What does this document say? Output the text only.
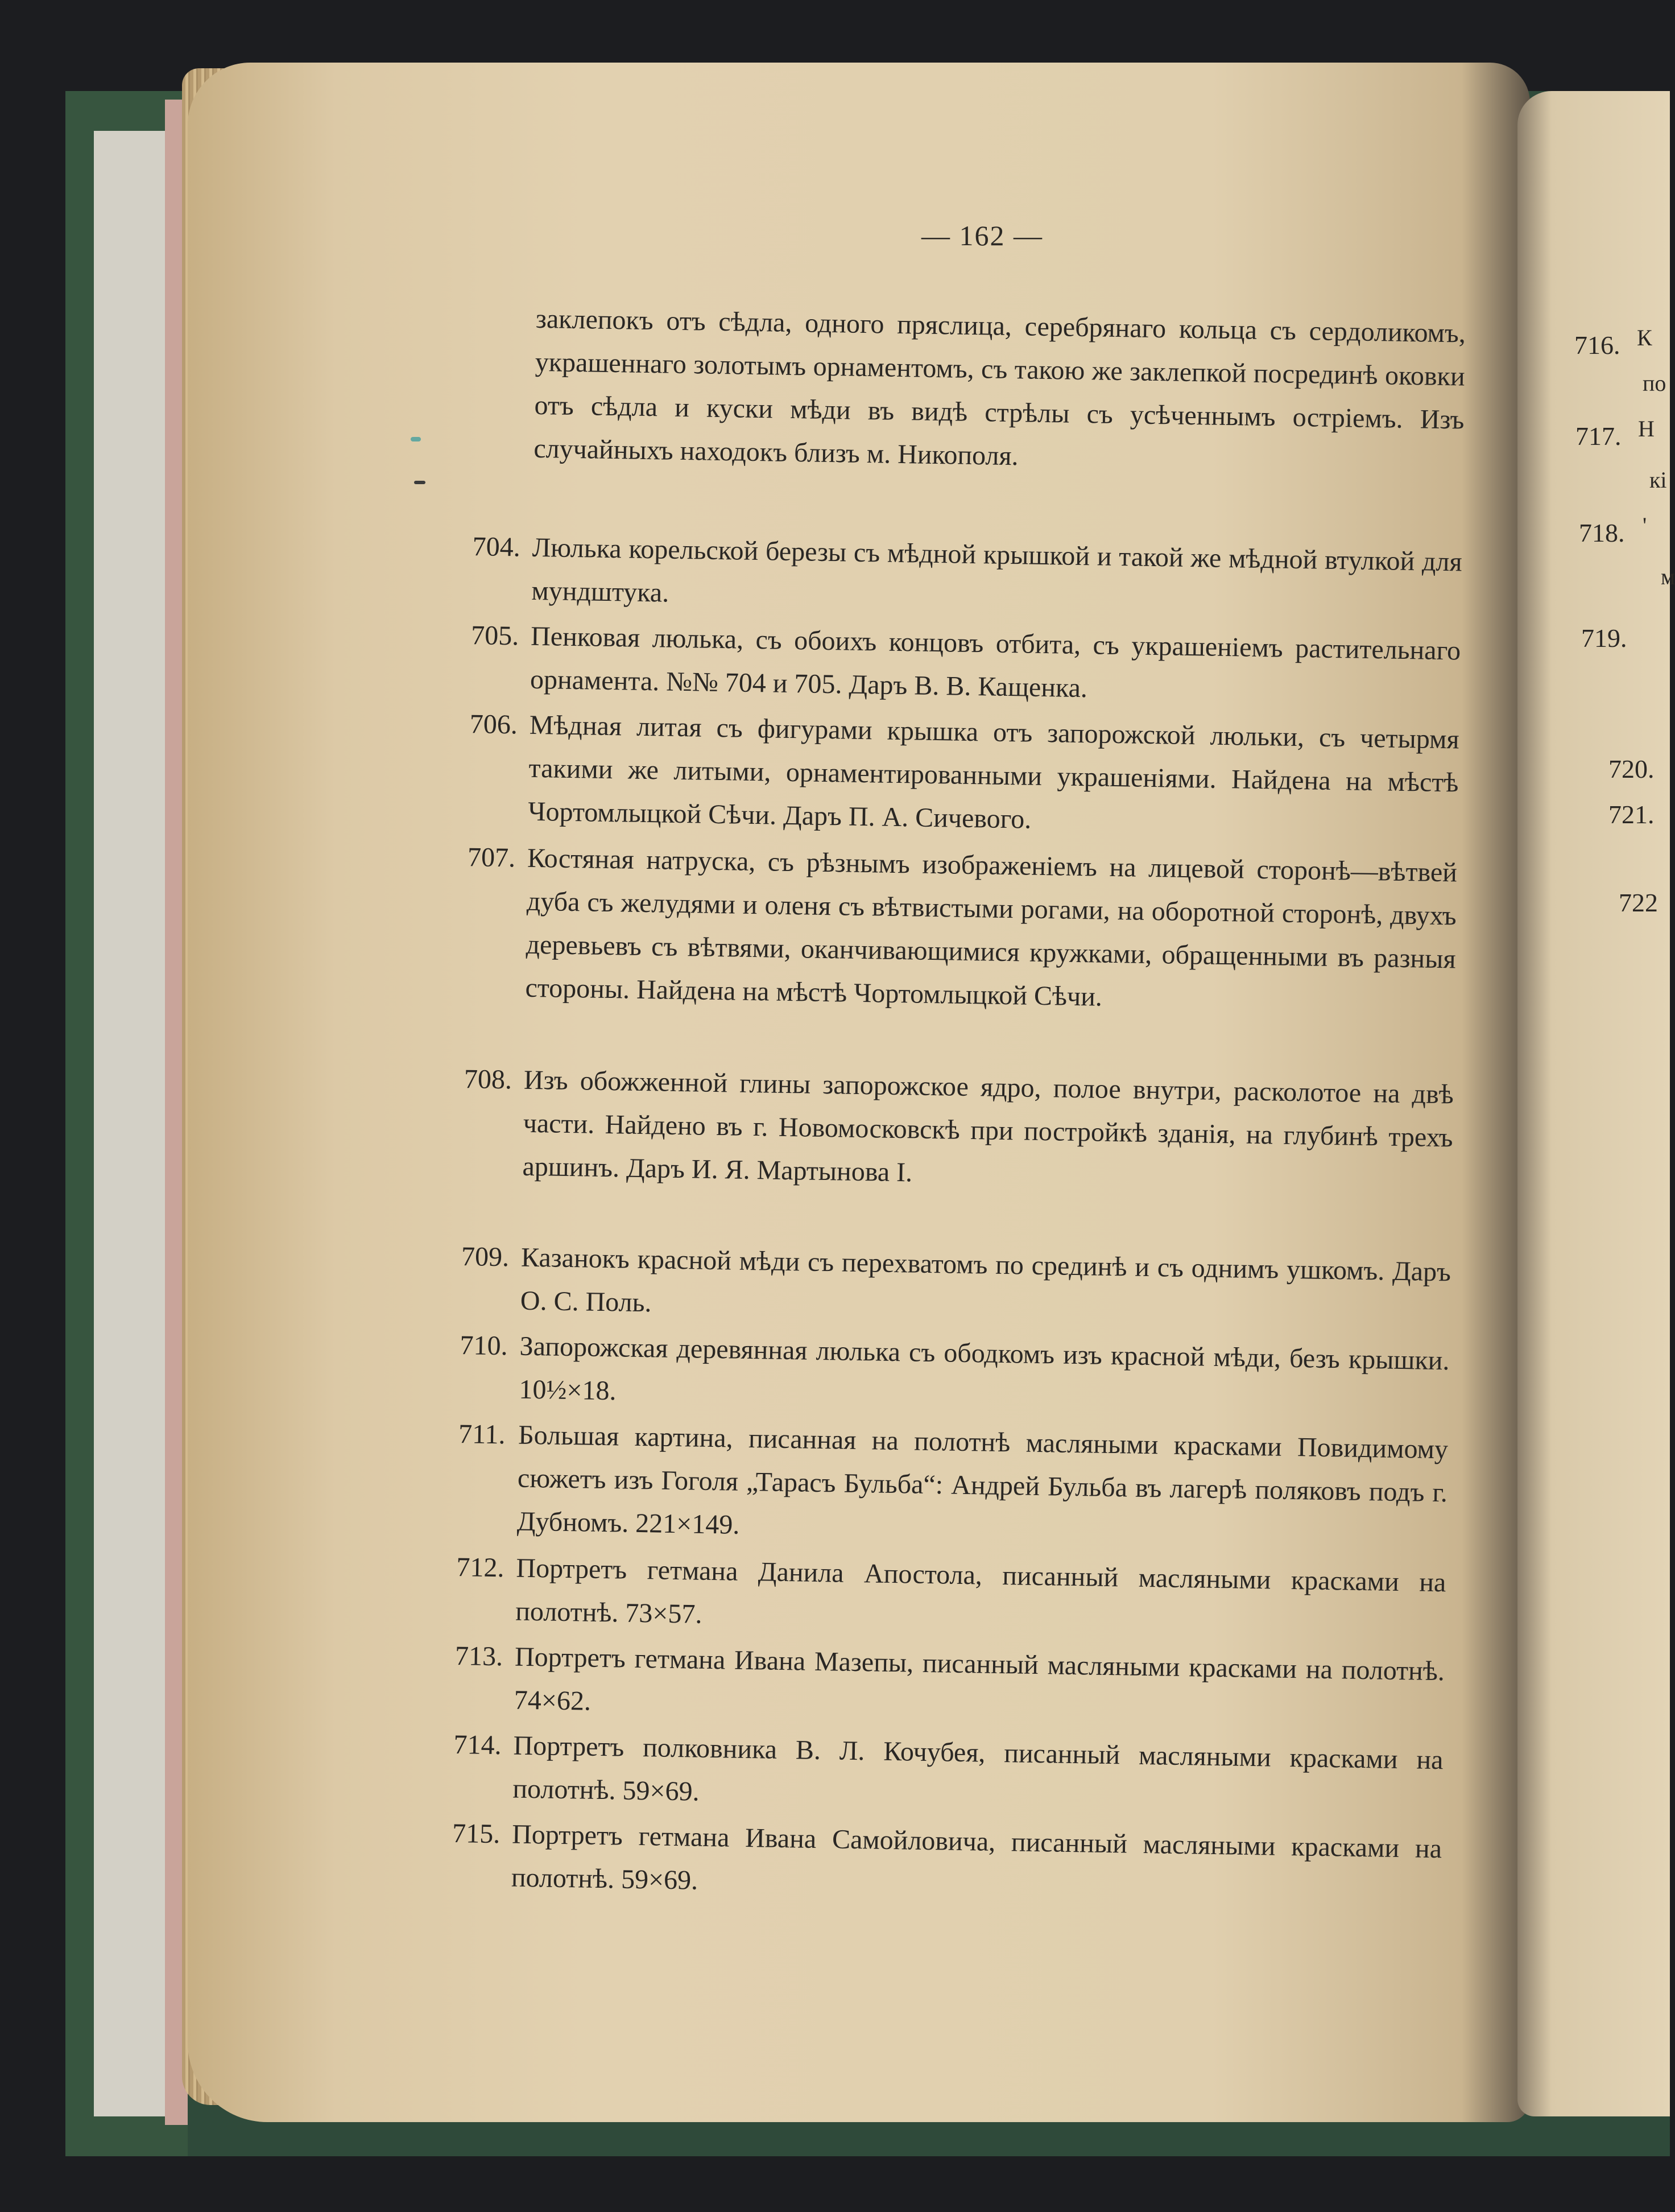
716. К
по
717. Н
кі
718. '
м
719.
720.
721.
722
— 162 —
заклепокъ отъ сѣдла, одного пряслица, серебрянаго кольца съ сердоликомъ, украшеннаго золотымъ орнаментомъ, съ такою же заклепкой посрединѣ оковки отъ сѣдла и куски мѣди въ видѣ стрѣлы съ усѣченнымъ остріемъ. Изъ случайныхъ находокъ близъ м. Никополя.
704. Люлька корельской березы съ мѣдной крышкой и такой же мѣдной втулкой для мундштука.
705. Пенковая люлька, съ обоихъ концовъ отбита, съ украшеніемъ растительнаго орнамента. №№ 704 и 705. Даръ В. В. Кащенка.
706. Мѣдная литая съ фигурами крышка отъ запорожской люльки, съ четырмя такими же литыми, орнаментированными украшеніями. Найдена на мѣстѣ Чортомлыцкой Сѣчи. Даръ П. А. Сичевого.
707. Костяная натруска, съ рѣзнымъ изображеніемъ на лицевой сторонѣ—вѣтвей дуба съ желудями и оленя съ вѣтвистыми рогами, на оборотной сторонѣ, двухъ деревьевъ съ вѣтвями, оканчивающимися кружками, обращенными въ разныя стороны. Найдена на мѣстѣ Чортомлыцкой Сѣчи.
708. Изъ обожженной глины запорожское ядро, полое внутри, расколотое на двѣ части. Найдено въ г. Новомосковскѣ при постройкѣ зданія, на глубинѣ трехъ аршинъ. Даръ И. Я. Мартынова I.
709. Казанокъ красной мѣди съ перехватомъ по срединѣ и съ однимъ ушкомъ. Даръ О. С. Поль.
710. Запорожская деревянная люлька съ ободкомъ изъ красной мѣди, безъ крышки. 10½×18.
711. Большая картина, писанная на полотнѣ масляными красками Повидимому сюжетъ изъ Гоголя „Тарасъ Бульба“: Андрей Бульба въ лагерѣ поляковъ подъ г. Дубномъ. 221×149.
712. Портретъ гетмана Данила Апостола, писанный масляными красками на полотнѣ. 73×57.
713. Портретъ гетмана Ивана Мазепы, писанный масляными красками на полотнѣ. 74×62.
714. Портретъ полковника В. Л. Кочубея, писанный масляными красками на полотнѣ. 59×69.
715. Портретъ гетмана Ивана Самойловича, писанный масляными красками на полотнѣ. 59×69.
